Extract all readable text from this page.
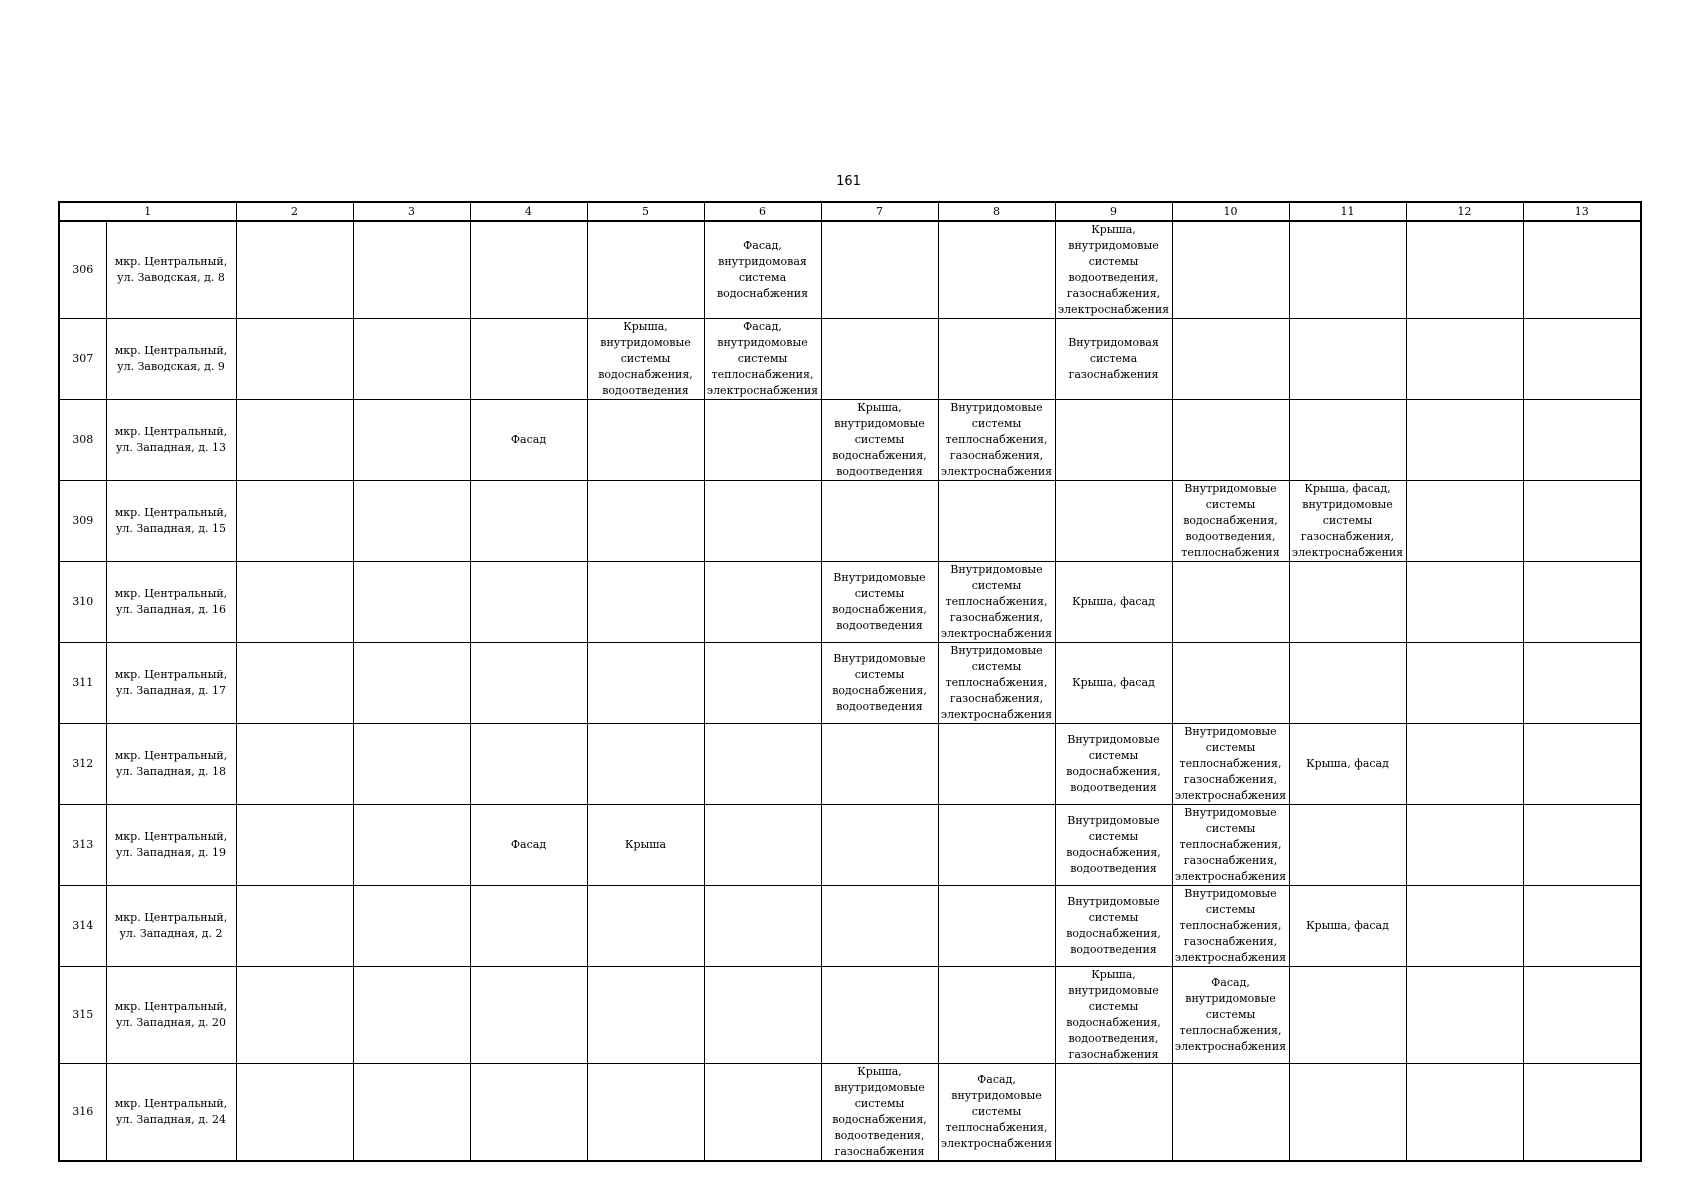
161
1		2	3	4	5	6	7	8	9	10	11	12	13
306	мкр. Центральный, ул. Заводская, д. 8					Фасад, внутридомовая система водоснабжения			Крыша, внутридомовые системы водоотведения, газоснабжения, электроснабжения				
307	мкр. Центральный, ул. Заводская, д. 9				Крыша, внутридомовые системы водоснабжения, водоотведения	Фасад, внутридомовые системы теплоснабжения, электроснабжения			Внутридомовая система газоснабжения				
308	мкр. Центральный, ул. Западная, д. 13			Фасад			Крыша, внутридомовые системы водоснабжения, водоотведения	Внутридомовые системы теплоснабжения, газоснабжения, электроснабжения					
309	мкр. Центральный, ул. Западная, д. 15									Внутридомовые системы водоснабжения, водоотведения, теплоснабжения	Крыша, фасад, внутридомовые системы газоснабжения, электроснабжения		
310	мкр. Центральный, ул. Западная, д. 16						Внутридомовые системы водоснабжения, водоотведения	Внутридомовые системы теплоснабжения, газоснабжения, электроснабжения	Крыша, фасад				
311	мкр. Центральный, ул. Западная, д. 17						Внутридомовые системы водоснабжения, водоотведения	Внутридомовые системы теплоснабжения, газоснабжения, электроснабжения	Крыша, фасад				
312	мкр. Центральный, ул. Западная, д. 18								Внутридомовые системы водоснабжения, водоотведения	Внутридомовые системы теплоснабжения, газоснабжения, электроснабжения	Крыша, фасад		
313	мкр. Центральный, ул. Западная, д. 19			Фасад	Крыша				Внутридомовые системы водоснабжения, водоотведения	Внутридомовые системы теплоснабжения, газоснабжения, электроснабжения			
314	мкр. Центральный, ул. Западная, д. 2								Внутридомовые системы водоснабжения, водоотведения	Внутридомовые системы теплоснабжения, газоснабжения, электроснабжения	Крыша, фасад		
315	мкр. Центральный, ул. Западная, д. 20								Крыша, внутридомовые системы водоснабжения, водоотведения, газоснабжения	Фасад, внутридомовые системы теплоснабжения, электроснабжения			
316	мкр. Центральный, ул. Западная, д. 24						Крыша, внутридомовые системы водоснабжения, водоотведения, газоснабжения	Фасад, внутридомовые системы теплоснабжения, электроснабжения					
